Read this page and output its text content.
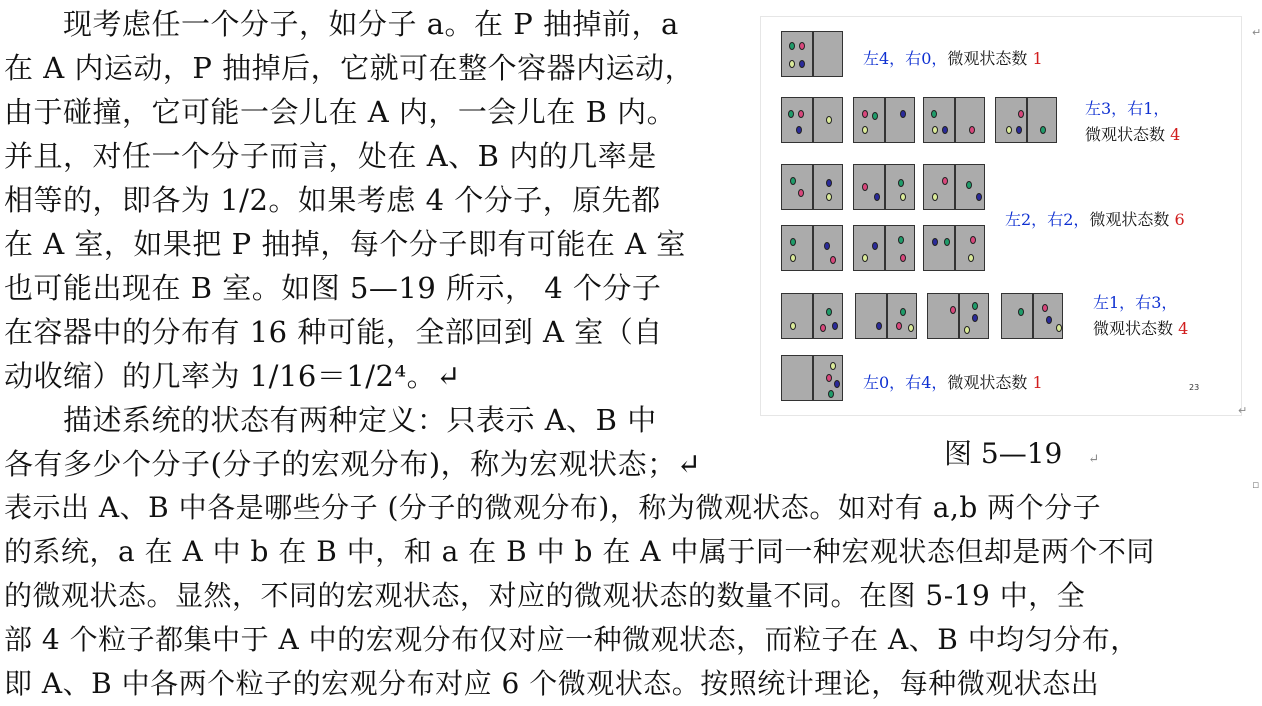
　　现考虑任一个分子，如分子 a。在 P 抽掉前，a
在 A 内运动，P 抽掉后，它就可在整个容器内运动，
由于碰撞，它可能一会儿在 A 内，一会儿在 B 内。
并且，对任一个分子而言，处在 A、B 内的几率是
相等的，即各为 1/2。如果考虑 4 个分子，原先都
在 A 室，如果把 P 抽掉，每个分子即有可能在 A 室
也可能出现在 B 室。如图 5—19 所示， 4 个分子
在容器中的分布有 16 种可能，全部回到 A 室（自
动收缩）的几率为 1/16＝1/2⁴。↵
　　描述系统的状态有两种定义：只表示 A、B 中
各有多少个分子(分子的宏观分布)，称为宏观状态；↵
表示出 A、B 中各是哪些分子 (分子的微观分布)，称为微观状态。如对有 a,b 两个分子
的系统，a 在 A 中 b 在 B 中，和 a 在 B 中 b 在 A 中属于同一种宏观状态但却是两个不同
的微观状态。显然，不同的宏观状态，对应的微观状态的数量不同。在图 5-19 中，全
部 4 个粒子都集中于 A 中的宏观分布仅对应一种微观状态，而粒子在 A、B 中均匀分布，
即 A、B 中各两个粒子的宏观分布对应 6 个微观状态。按照统计理论，每种微观状态出
左4，右0，微观状态数 1
左3，右1，
微观状态数 4
左2，右2，微观状态数 6
左1，右3，
微观状态数 4
左0，右4，微观状态数 1	23
↵
↵
▫
图 5—19 ↵
